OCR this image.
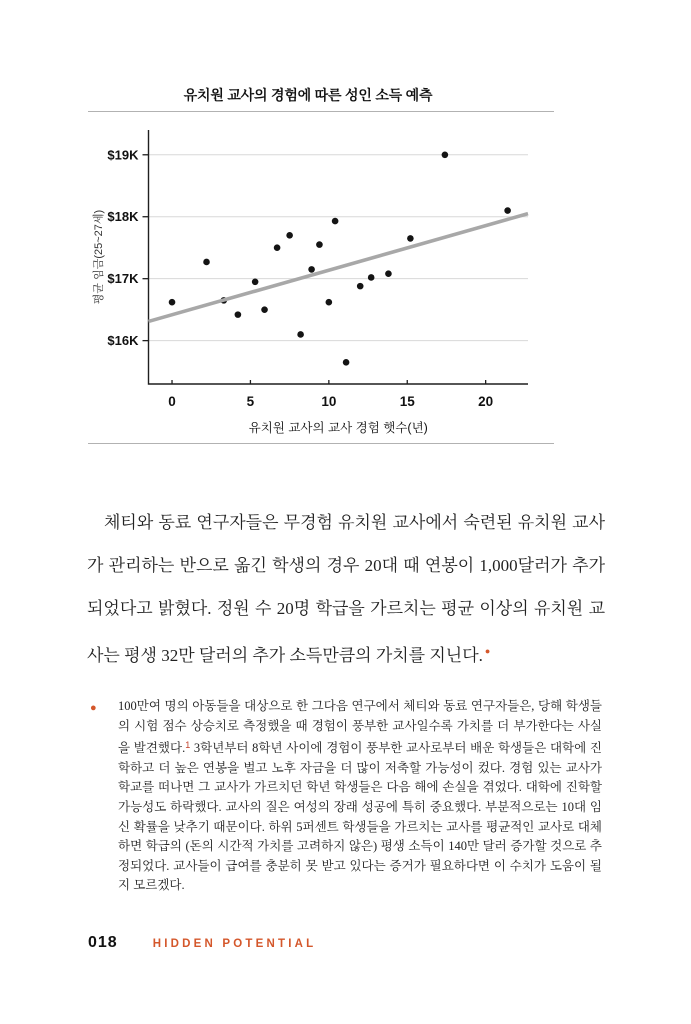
유치원 교사의 경험에 따른 성인 소득 예측
$16K
$17K
$18K
$19K
0	5	10	15	20
평균 임금(25~27세)
유치원 교사의 교사 경험 햇수(년)

체티와 동료 연구자들은 무경험 유치원 교사에서 숙련된 유치원 교사가 관리하는 반으로 옮긴 학생의 경우 20대 때 연봉이 1,000달러가 추가되었다고 밝혔다. 정원 수 20명 학급을 가르치는 평균 이상의 유치원 교사는 평생 32만 달러의 추가 소득만큼의 가치를 지닌다. ●

● 100만여 명의 아동들을 대상으로 한 그다음 연구에서 체티와 동료 연구자들은, 당해 학생들의 시험 점수 상승치로 측정했을 때 경험이 풍부한 교사일수록 가치를 더 부가한다는 사실을 발견했다.$^1$ 3학년부터 8학년 사이에 경험이 풍부한 교사로부터 배운 학생들은 대학에 진학하고 더 높은 연봉을 벌고 노후 자금을 더 많이 저축할 가능성이 컸다. 경험 있는 교사가 학교를 떠나면 그 교사가 가르치던 학년 학생들은 다음 해에 손실을 겪었다. 대학에 진학할 가능성도 하락했다. 교사의 질은 여성의 장래 성공에 특히 중요했다. 부분적으로는 10대 임신 확률을 낮추기 때문이다. 하위 5퍼센트 학생들을 가르치는 교사를 평균적인 교사로 대체하면 학급의 (돈의 시간적 가치를 고려하지 않은) 평생 소득이 140만 달러 증가할 것으로 추정되었다. 교사들이 급여를 충분히 못 받고 있다는 증거가 필요하다면 이 수치가 도움이 될지 모르겠다.
018	HIDDEN POTENTIAL
